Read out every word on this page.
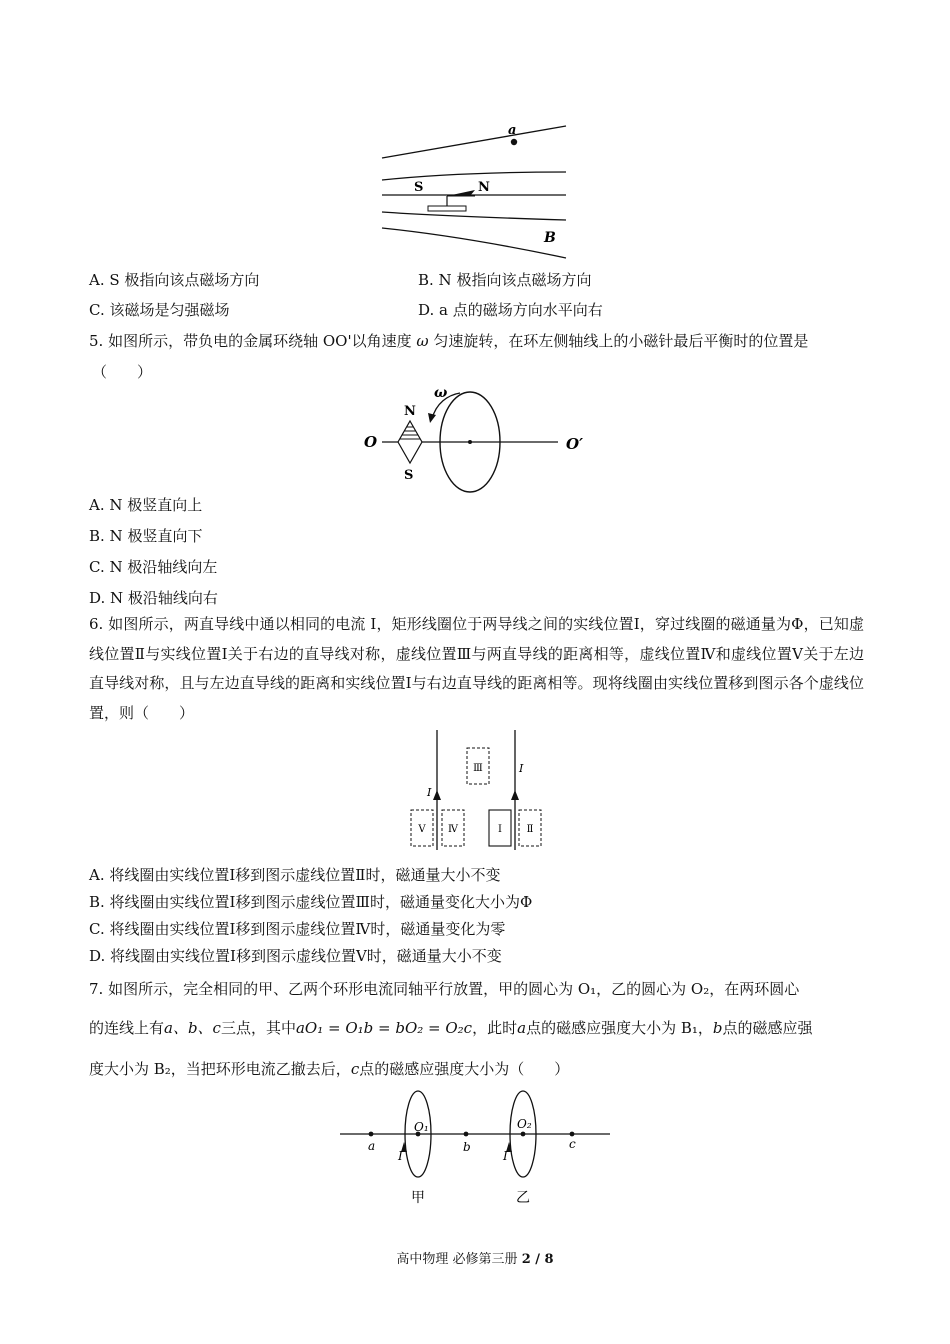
a
S	N
B
A. S 极指向该点磁场方向	B. N 极指向该点磁场方向
C. 该磁场是匀强磁场	D. a 点的磁场方向水平向右
5. 如图所示，带负电的金属环绕轴 OO'以角速度 ω 匀速旋转，在环左侧轴线上的小磁针最后平衡时的位置是
（　　）
ω
N
S
O	O′
A. N 极竖直向上
B. N 极竖直向下
C. N 极沿轴线向左
D. N 极沿轴线向右
6. 如图所示，两直导线中通以相同的电流 I，矩形线圈位于两导线之间的实线位置Ⅰ，穿过线圈的磁通量为Φ，已知虚线位置Ⅱ与实线位置Ⅰ关于右边的直导线对称，虚线位置Ⅲ与两直导线的距离相等，虚线位置Ⅳ和虚线位置Ⅴ关于左边直导线对称，且与左边直导线的距离和实线位置Ⅰ与右边直导线的距离相等。现将线圈由实线位置移到图示各个虚线位置，则（　　）
I
I
Ⅲ
Ⅴ Ⅳ	Ⅰ Ⅱ
A. 将线圈由实线位置Ⅰ移到图示虚线位置Ⅱ时，磁通量大小不变
B. 将线圈由实线位置Ⅰ移到图示虚线位置Ⅲ时，磁通量变化大小为Φ
C. 将线圈由实线位置Ⅰ移到图示虚线位置Ⅳ时，磁通量变化为零
D. 将线圈由实线位置Ⅰ移到图示虚线位置Ⅴ时，磁通量大小不变
7. 如图所示，完全相同的甲、乙两个环形电流同轴平行放置，甲的圆心为 O₁，乙的圆心为 O₂，在两环圆心
的连线上有a、b、c三点，其中aO₁ = O₁b = bO₂ = O₂c，此时a点的磁感应强度大小为 B₁，b点的磁感应强
度大小为 B₂，当把环形电流乙撤去后，c点的磁感应强度大小为（　　）
a	b	c
O₁	O₂
I	I
甲	乙
高中物理 必修第三册 2 / 8
